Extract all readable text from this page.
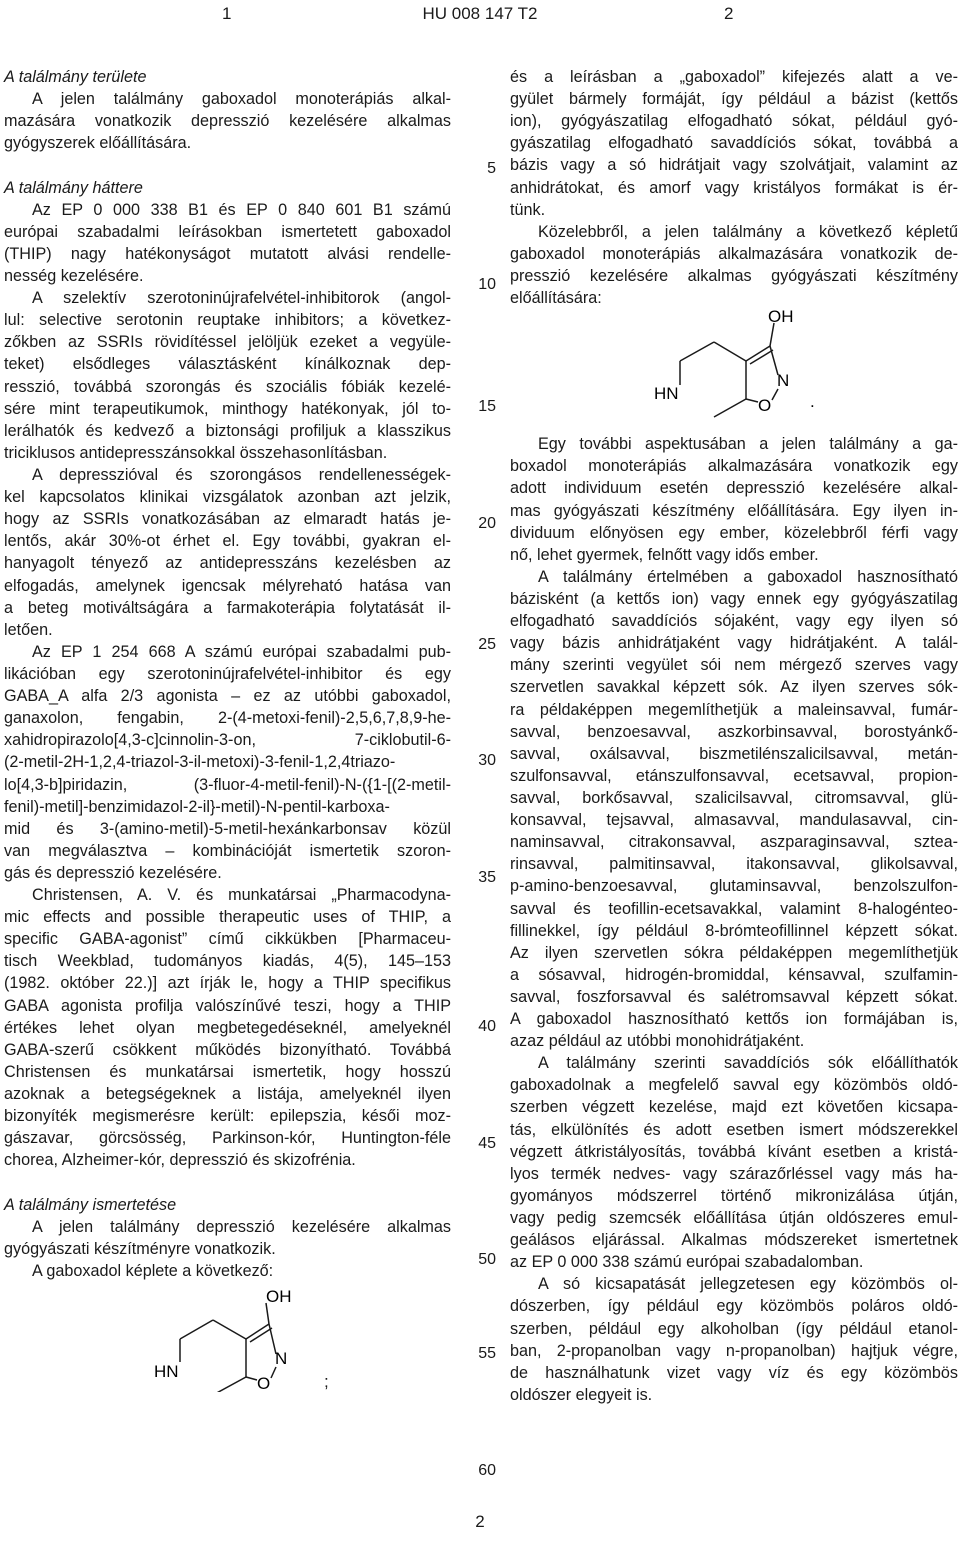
1	HU 008 147 T2	2
A találmány területe
A jelen találmány gaboxadol monoterápiás alkal-
mazására vonatkozik depresszió kezelésére alkalmas
gyógyszerek előállítására.
A találmány háttere
Az EP 0 000 338 B1 és EP 0 840 601 B1 számú
európai szabadalmi leírásokban ismertetett gaboxadol
(THIP) nagy hatékonyságot mutatott alvási rendelle-
nesség kezelésére.
A szelektív szerotoninújrafelvétel-inhibitorok (angol-
lul: selective serotonin reuptake inhibitors; a következ-
zőkben az SSRIs rövidítéssel jelöljük ezeket a vegyüle-
teket) elsődleges választásként kínálkoznak dep-
resszió, továbbá szorongás és szociális fóbiák kezelé-
sére mint terapeutikumok, minthogy hatékonyak, jól to-
lerálhatók és kedvező a biztonsági profiljuk a klasszikus
triciklusos antidepresszánsokkal összehasonlításban.
A depresszióval és szorongásos rendellenességek-
kel kapcsolatos klinikai vizsgálatok azonban azt jelzik,
hogy az SSRIs vonatkozásában az elmaradt hatás je-
lentős, akár 30%-ot érhet el. Egy további, gyakran el-
hanyagolt tényező az antidepresszáns kezelésben az
elfogadás, amelynek igencsak mélyreható hatása van
a beteg motiváltságára a farmakoterápia folytatását il-
letően.
Az EP 1 254 668 A számú európai szabadalmi pub-
likációban egy szerotoninújrafelvétel-inhibitor és egy
GABA_A alfa 2/3 agonista – ez az utóbbi gaboxadol,
ganaxolon, fengabin, 2-(4-metoxi-fenil)-2,5,6,7,8,9-he-
xahidropirazolo[4,3-c]cinnolin-3-on, 7-ciklobutil-6-
(2-metil-2H-1,2,4-triazol-3-il-metoxi)-3-fenil-1,2,4triazo-
lo[4,3-b]piridazin, (3-fluor-4-metil-fenil)-N-({1-[(2-metil-
fenil)-metil]-benzimidazol-2-il}-metil)-N-pentil-karboxa-
mid és 3-(amino-metil)-5-metil-hexánkarbonsav közül
van megválasztva – kombinációját ismertetik szoron-
gás és depresszió kezelésére.
Christensen, A. V. és munkatársai „Pharmacodyna-
mic effects and possible therapeutic uses of THIP, a
specific GABA-agonist” című cikkükben [Pharmaceu-
tisch Weekblad, tudományos kiadás, 4(5), 145–153
(1982. október 22.)] azt írják le, hogy a THIP specifikus
GABA agonista profilja valószínűvé teszi, hogy a THIP
értékes lehet olyan megbetegedéseknél, amelyeknél
GABA-szerű csökkent működés bizonyítható. Továbbá
Christensen és munkatársai ismertetik, hogy hosszú
azoknak a betegségeknek a listája, amelyeknél ilyen
bizonyíték megismerésre került: epilepszia, késői moz-
gászavar, görcsösség, Parkinson-kór, Huntington-féle
chorea, Alzheimer-kór, depresszió és skizofrénia.
A találmány ismertetése
A jelen találmány depresszió kezelésére alkalmas
gyógyászati készítményre vonatkozik.
A gaboxadol képlete a következő:
OH
N
O
HN
;
5
10
15
20
25
30
35
40
45
50
55
60
és a leírásban a „gaboxadol” kifejezés alatt a ve-
gyület bármely formáját, így például a bázist (kettős
ion), gyógyászatilag elfogadható sókat, például gyó-
gyászatilag elfogadható savaddíciós sókat, továbbá a
bázis vagy a só hidrátjait vagy szolvátjait, valamint az
anhidrátokat, és amorf vagy kristályos formákat is ér-
tünk.
Közelebbről, a jelen találmány a következő képletű
gaboxadol monoterápiás alkalmazására vonatkozik de-
presszió kezelésére alkalmas gyógyászati készítmény
előállítására:
OH
N
O
HN	.
Egy további aspektusában a jelen találmány a ga-
boxadol monoterápiás alkalmazására vonatkozik egy
adott individuum esetén depresszió kezelésére alkal-
mas gyógyászati készítmény előállítására. Egy ilyen in-
dividuum előnyösen egy ember, közelebbről férfi vagy
nő, lehet gyermek, felnőtt vagy idős ember.
A találmány értelmében a gaboxadol hasznosítható
bázisként (a kettős ion) vagy ennek egy gyógyászatilag
elfogadható savaddíciós sójaként, vagy egy ilyen só
vagy bázis anhidrátjaként vagy hidrátjaként. A talál-
mány szerinti vegyület sói nem mérgező szerves vagy
szervetlen savakkal képzett sók. Az ilyen szerves sók-
ra példaképpen megemlíthetjük a maleinsavval, fumár-
savval, benzoesavval, aszkorbinsavval, borostyánkő-
savval, oxálsavval, biszmetilénszalicilsavval, metán-
szulfonsavval, etánszulfonsavval, ecetsavval, propion-
savval, borkősavval, szalicilsavval, citromsavval, glü-
konsavval, tejsavval, almasavval, mandulasavval, cin-
naminsavval, citrakonsavval, aszparaginsavval, sztea-
rinsavval, palmitinsavval, itakonsavval, glikolsavval,
p-amino-benzoesavval, glutaminsavval, benzolszulfon-
savval és teofillin-ecetsavakkal, valamint 8-halogénteo-
fillinekkel, így például 8-brómteofillinnel képzett sókat.
Az ilyen szervetlen sókra példaképpen megemlíthetjük
a sósavval, hidrogén-bromiddal, kénsavval, szulfamin-
savval, foszforsavval és salétromsavval képzett sókat.
A gaboxadol hasznosítható kettős ion formájában is,
azaz például az utóbbi monohidrátjaként.
A találmány szerinti savaddíciós sók előállíthatók
gaboxadolnak a megfelelő savval egy közömbös oldó-
szerben végzett kezelése, majd ezt követően kicsapa-
tás, elkülönítés és adott esetben ismert módszerekkel
végzett átkristályosítás, továbbá kívánt esetben a kristá-
lyos termék nedves- vagy szárazőrléssel vagy más ha-
gyományos módszerrel történő mikronizálása útján,
vagy pedig szemcsék előállítása útján oldószeres emul-
geálásos eljárással. Alkalmas módszereket ismertetnek
az EP 0 000 338 számú európai szabadalomban.
A só kicsapatását jellegzetesen egy közömbös ol-
dószerben, így például egy közömbös poláros oldó-
szerben, például egy alkoholban (így például etanol-
ban, 2-propanolban vagy n-propanolban) hajtjuk végre,
de használhatunk vizet vagy víz és egy közömbös
oldószer elegyeit is.
2
